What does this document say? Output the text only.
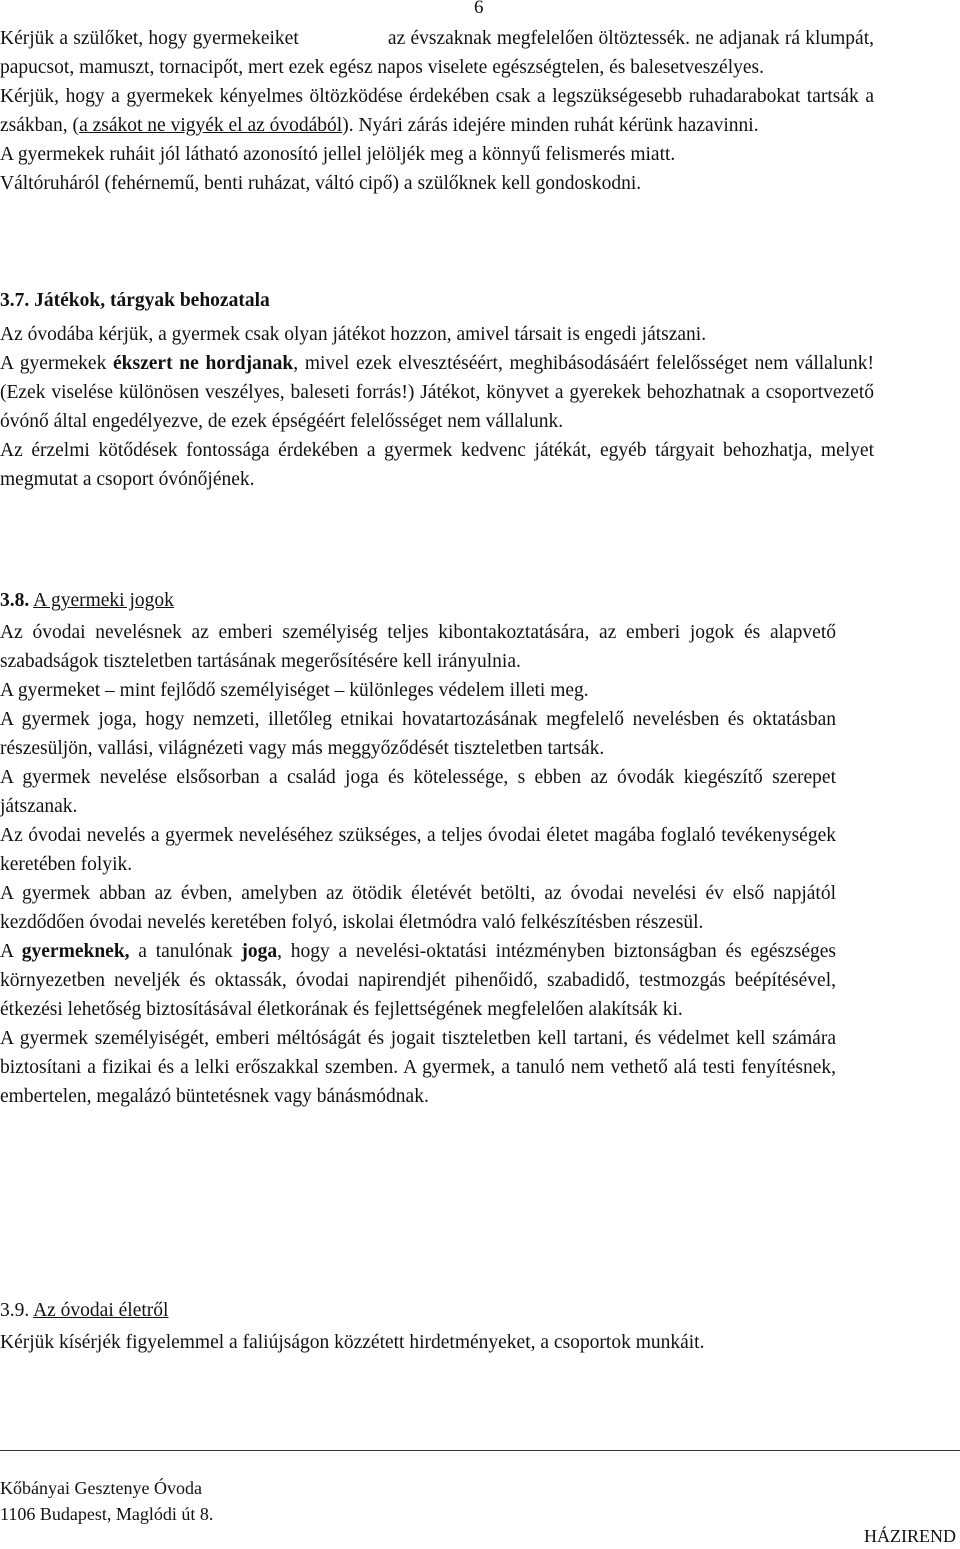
6
Kérjük a szülőket, hogy gyermekeiket                 az évszaknak megfelelően öltöztessék. ne adjanak rá klumpát, papucsot, mamuszt, tornacipőt, mert ezek egész napos viselete egészségtelen, és balesetveszélyes.
Kérjük, hogy a gyermekek kényelmes öltözködése érdekében csak a legszükségesebb ruhadarabokat tartsák a zsákban, (a zsákot ne vigyék el az óvodából). Nyári zárás idejére minden ruhát kérünk hazavinni.
A gyermekek ruháit jól látható azonosító jellel jelöljék meg a könnyű felismerés miatt.
Váltóruháról (fehérnemű, benti ruházat, váltó cipő) a szülőknek kell gondoskodni.
3.7. Játékok, tárgyak behozatala
Az óvodába kérjük, a gyermek csak olyan játékot hozzon, amivel társait is engedi játszani.
A gyermekek ékszert ne hordjanak, mivel ezek elvesztéséért, meghibásodásáért felelősséget nem vállalunk! (Ezek viselése különösen veszélyes, baleseti forrás!) Játékot, könyvet a gyerekek behozhatnak a csoportvezető óvónő által engedélyezve, de ezek épségéért felelősséget nem vállalunk.
Az érzelmi kötődések fontossága érdekében a gyermek kedvenc játékát, egyéb tárgyait behozhatja, melyet megmutat a csoport óvónőjének.
3.8. A gyermeki jogok
Az óvodai nevelésnek az emberi személyiség teljes kibontakoztatására, az emberi jogok és alapvető szabadságok tiszteletben tartásának megerősítésére kell irányulnia.
A gyermeket – mint fejlődő személyiséget – különleges védelem illeti meg.
A gyermek joga, hogy nemzeti, illetőleg etnikai hovatartozásának megfelelő nevelésben és oktatásban részesüljön, vallási, világnézeti vagy más meggyőződését tiszteletben tartsák.
A gyermek nevelése elsősorban a család joga és kötelessége, s ebben az óvodák kiegészítő szerepet játszanak.
Az óvodai nevelés a gyermek neveléséhez szükséges, a teljes óvodai életet magába foglaló tevékenységek keretében folyik.
A gyermek abban az évben, amelyben az ötödik életévét betölti, az óvodai nevelési év első napjától kezdődően óvodai nevelés keretében folyó, iskolai életmódra való felkészítésben részesül.
A gyermeknek, a tanulónak joga, hogy a nevelési-oktatási intézményben biztonságban és egészséges környezetben neveljék és oktassák, óvodai napirendjét pihenőidő, szabadidő, testmozgás beépítésével, étkezési lehetőség biztosításával életkorának és fejlettségének megfelelően alakítsák ki.
A gyermek személyiségét, emberi méltóságát és jogait tiszteletben kell tartani, és védelmet kell számára biztosítani a fizikai és a lelki erőszakkal szemben. A gyermek, a tanuló nem vethető alá testi fenyítésnek, embertelen, megalázó büntetésnek vagy bánásmódnak.
3.9. Az óvodai életről
Kérjük kísérjék figyelemmel a faliújságon közzétett hirdetményeket, a csoportok munkáit.
Kőbányai Gesztenye Óvoda
1106 Budapest, Maglódi út 8.
HÁZIREND
